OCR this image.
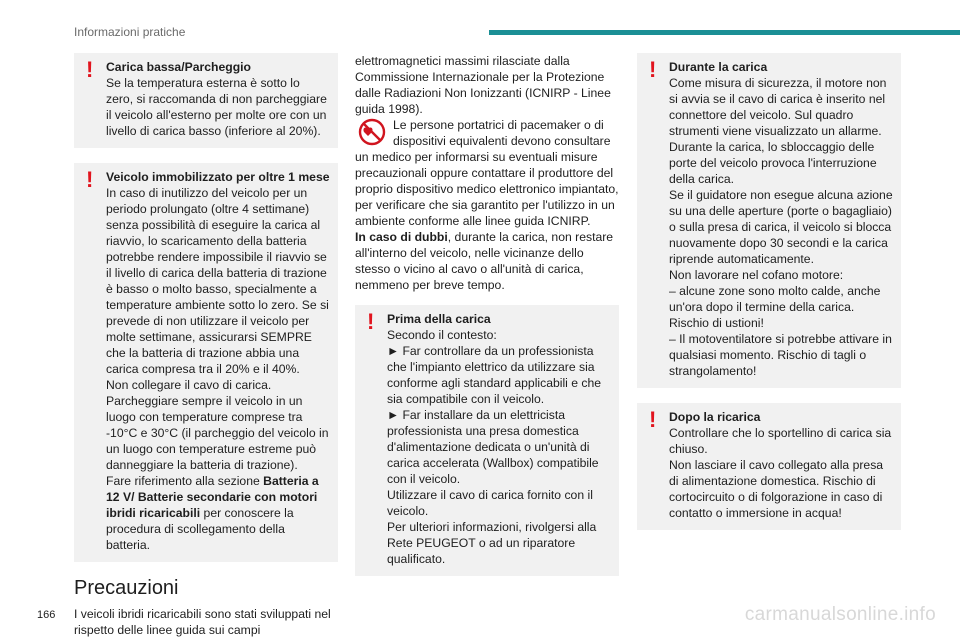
Informazioni pratiche
!	Carica bassa/Parcheggio
Se la temperatura esterna è sotto lo zero, si raccomanda di non parcheggiare il veicolo all'esterno per molte ore con un livello di carica basso (inferiore al 20%).
!	Veicolo immobilizzato per oltre 1 mese
In caso di inutilizzo del veicolo per un periodo prolungato (oltre 4 settimane) senza possibilità di eseguire la carica al riavvio, lo scaricamento della batteria potrebbe rendere impossibile il riavvio se il livello di carica della batteria di trazione è basso o molto basso, specialmente a temperature ambiente sotto lo zero. Se si prevede di non utilizzare il veicolo per molte settimane, assicurarsi SEMPRE che la batteria di trazione abbia una carica compresa tra il 20% e il 40%.
Non collegare il cavo di carica.
Parcheggiare sempre il veicolo in un luogo con temperature comprese tra -10°C e 30°C (il parcheggio del veicolo in un luogo con temperature estreme può danneggiare la batteria di trazione).
Fare riferimento alla sezione Batteria a 12 V/ Batterie secondarie con motori ibridi ricaricabili per conoscere la procedura di scollegamento della batteria.
Precauzioni
I veicoli ibridi ricaricabili sono stati sviluppati nel rispetto delle linee guida sui campi
elettromagnetici massimi rilasciate dalla Commissione Internazionale per la Protezione dalle Radiazioni Non Ionizzanti (ICNIRP - Linee guida 1998).
Le persone portatrici di pacemaker o di dispositivi equivalenti devono consultare un medico per informarsi su eventuali misure precauzionali oppure contattare il produttore del proprio dispositivo medico elettronico impiantato, per verificare che sia garantito per l'utilizzo in un ambiente conforme alle linee guida ICNIRP.
In caso di dubbi, durante la carica, non restare all'interno del veicolo, nelle vicinanze dello stesso o vicino al cavo o all'unità di carica, nemmeno per breve tempo.
!	Prima della carica
Secondo il contesto:
► Far controllare da un professionista che l'impianto elettrico da utilizzare sia conforme agli standard applicabili e che sia compatibile con il veicolo.
► Far installare da un elettricista professionista una presa domestica d'alimentazione dedicata o un'unità di carica accelerata (Wallbox) compatibile con il veicolo.
Utilizzare il cavo di carica fornito con il veicolo.
Per ulteriori informazioni, rivolgersi alla Rete PEUGEOT o ad un riparatore qualificato.
!	Durante la carica
Come misura di sicurezza, il motore non si avvia se il cavo di carica è inserito nel connettore del veicolo. Sul quadro strumenti viene visualizzato un allarme.
Durante la carica, lo sbloccaggio delle porte del veicolo provoca l'interruzione della carica.
Se il guidatore non esegue alcuna azione su una delle aperture (porte o bagagliaio) o sulla presa di carica, il veicolo si blocca nuovamente dopo 30 secondi e la carica riprende automaticamente.
Non lavorare nel cofano motore:
– alcune zone sono molto calde, anche un'ora dopo il termine della carica. Rischio di ustioni!
– Il motoventilatore si potrebbe attivare in qualsiasi momento. Rischio di tagli o strangolamento!
!	Dopo la ricarica
Controllare che lo sportellino di carica sia chiuso.
Non lasciare il cavo collegato alla presa di alimentazione domestica. Rischio di cortocircuito o di folgorazione in caso di contatto o immersione in acqua!
166	carmanualsonline.info
